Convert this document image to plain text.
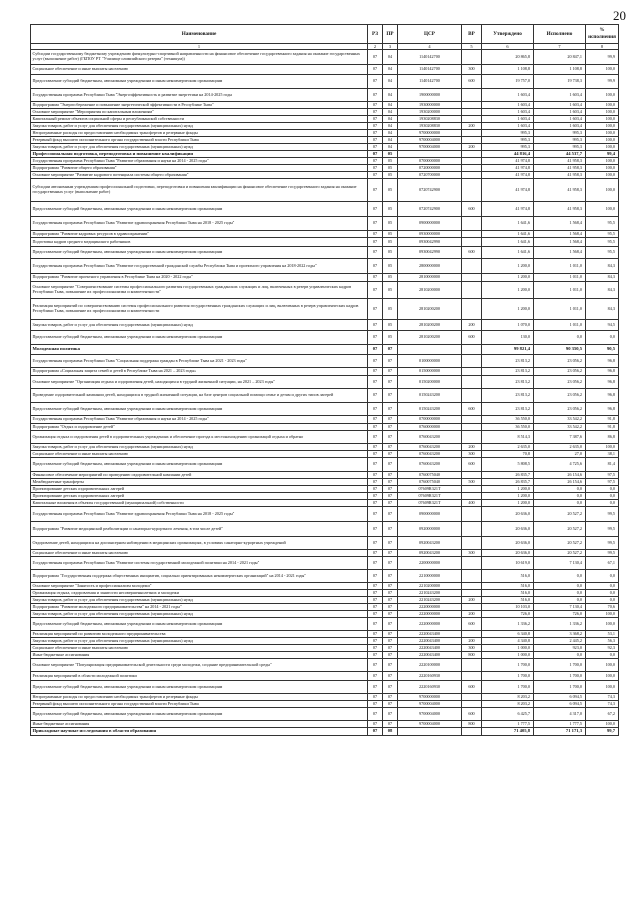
20
Наименование	РЗ	ПР	ЦСР	ВР	Утверждено	Исполнено	% исполнения
1	2	3	4	5	6	7	8
Субсидии государственному бюджетному учреждению физкультурно-спортивной направленности на финансовое обеспечение государственного задания на оказание государственных услуг (выполнение работ) (ГБПОУ РТ "Училище олимпийского резерва" (техникум))	07	04	1140142700		20 865,8	20 847,1	99,9
Социальное обеспечение и иные выплаты населению	07	04	1140142700	300	1 108,8	1 108,8	100,0
Предоставление субсидий бюджетным, автономным учреждениям и иным некоммерческим организациям	07	04	1140142700	600	19 757,0	19 738,3	99,9
Государственная программа Республики Тыва "Энергоэффективность и развитие энергетики на 2014-2025 годы	07	04	1900000000		1 603,4	1 603,4	100,0
Подпрограмма "Энергосбережение и повышение энергетической эффективности в Республике Тыва"	07	04	1930000000		1 603,4	1 603,4	100,0
Основное мероприятие "Мероприятия по капитальным вложениям"	07	04	1930200000		1 603,4	1 603,4	100,0
Капитальный ремонт объектов социальной сферы и республиканской собственности	07	04	1930208830		1 603,4	1 603,4	100,0
Закупка товаров, работ и услуг для обеспечения государственных (муниципальных) нужд	07	04	1930208830	200	1 603,4	1 603,4	100,0
Непрограммные расходы по предоставлению необходимых трансфертов и резервные фонды	07	04	9700000000		995,3	995,3	100,0
Резервный фонд высшего исполнительного органа государственной власти Республики Тыва	07	04	9700004000		995,3	995,3	100,0
Закупка товаров, работ и услуг для обеспечения государственных (муниципальных) нужд	07	04	9700004000	200	995,3	995,3	100,0
Профессиональная подготовка, переподготовка и повышение квалификации	07	05			44 816,4	44 537,7	99,4
Государственная программа Республики Тыва "Развитие образования и науки на 2014 - 2025 годы"	07	05	0700000000		41 974,8	41 958,3	100,0
Подпрограмма "Развитие общего образования"	07	05	0720000000		41 974,8	41 958,3	100,0
Основное мероприятие "Развитие кадрового потенциала системы общего образования"	07	05	0720700000		41 974,8	41 958,3	100,0
Субсидии автономным учреждениям профессиональной подготовки, переподготовки и повышения квалификации на финансовое обеспечение государственного задания на оказание государственных услуг (выполнение работ)	07	05	0720742900		41 974,8	41 958,3	100,0
Предоставление субсидий бюджетным, автономным учреждениям и иным некоммерческим организациям	07	05	0720742900	600	41 974,8	41 958,3	100,0
Государственная программа Республики Тыва "Развитие здравоохранения Республики Тыва на 2018 - 2025 годы"	07	05	0900000000		1 641,6	1 568,4	95,5
Подпрограмма "Развитие кадровых ресурсов в здравоохранении"	07	05	0930000000		1 641,6	1 568,4	95,5
Подготовка кадров среднего медицинского работников	07	05	0930042990		1 641,6	1 568,4	95,5
Предоставление субсидий бюджетным, автономным учреждениям и иным некоммерческим организациям	07	05	0930042990	600	1 641,6	1 568,4	95,5
Государственная программа Республики Тыва "Развитие государственной гражданской службы Республики Тыва и проектного управления на 2018-2022 годы"	07	05	2800000000		1 200,0	1 011,0	84,3
Подпрограмма "Развитие проектного управления в Республике Тыва на 2020 - 2022 годы"	07	05	2810000000		1 200,0	1 011,0	84,3
Основное мероприятие "Совершенствование системы профессионального развития государственных гражданских служащих и лиц, включенных в резерв управленческих кадров Республики Тыва, повышение их профессионализма и компетентности"	07	05	2810200000		1 200,0	1 011,0	84,3
Реализация мероприятий по совершенствованию системы профессионального развития государственных гражданских служащих и лиц, включенных в резерв управленческих кадров Республики Тыва, повышение их профессионализма и компетентности	07	05	2810200200		1 200,0	1 011,0	84,3
Закупка товаров, работ и услуг для обеспечения государственных (муниципальных) нужд	07	05	2810200200	200	1 070,0	1 011,0	94,5
Предоставление субсидий бюджетным, автономным учреждениям и иным некоммерческим организациям	07	05	2810200200	600	130,0	0,0	0,0
Молодежная политика	07	07			99 821,4	90 350,5	90,5
Государственная программа Республики Тыва "Социальная поддержка граждан в Республике Тыва на 2021 - 2023 годы"	07	07	0100000000		23 813,2	23 056,2	96,8
Подпрограмма «Социальная защита семей и детей в Республике Тыва на 2021 – 2023 годы»	07	07	0150000000		23 813,2	23 056,2	96,8
Основное мероприятие "Организация отдыха и оздоровления детей, находящихся в трудной жизненной ситуации, на 2021 – 2023 годы"	07	07	0150200000		23 813,2	23 056,2	96,8
Проведение оздоровительной кампании детей, находящихся в трудной жизненной ситуации, на базе центров социальной помощи семье и детям и других типов лагерей	07	07	0150243200		23 813,2	23 056,2	96,8
Предоставление субсидий бюджетным, автономным учреждениям и иным некоммерческим организациям	07	07	0150243200	600	23 813,2	23 056,2	96,8
Государственная программа Республики Тыва "Развитие образования и науки на 2014 - 2025 годы"	07	07	0700000000		36 550,0	33 542,2	91,8
Подпрограмма "Отдых и оздоровление детей"	07	07	0760000000		36 550,0	33 542,2	91,8
Организация отдыха и оздоровления детей в оздоровительных учреждениях и обеспечение проезда к местонахождению организаций отдыха и обратно	07	07	0760043200		8 514,3	7 387,6	86,8
Закупка товаров, работ и услуг для обеспечения государственных (муниципальных) нужд	07	07	0760043200	200	2 635,0	2 635,0	100,0
Социальное обеспечение и иные выплаты населению	07	07	0760043200	300	70,8	27,0	38,1
Предоставление субсидий бюджетным, автономным учреждениям и иным некоммерческим организациям	07	07	0760043200	600	5 808,5	4 725,6	81,4
Финансовое обеспечение мероприятий по проведению оздоровительной кампании детей	07	07	0760075040		26 835,7	26 154,6	97,5
Межбюджетные трансферты	07	07	0760075040	500	26 835,7	26 154,6	97,5
Проектирование детских оздоровительных лагерей	07	07	07609R321T		1 200,0	0,0	0,0
Проектирование детских оздоровительных лагерей	07	07	07609R321T		1 200,0	0,0	0,0
Капитальные вложения в объекты государственной (муниципальной) собственности	07	07	07609R321T	400	1 200,0	0,0	0,0
Государственная программа Республики Тыва "Развитие здравоохранения Республики Тыва на 2018 - 2025 годы"	07	07	0900000000		20 636,0	20 527,2	99,5
Подпрограмма "Развитие медицинской реабилитации и санаторно-курортного лечения, в том числе детей"	07	07	0920000000		20 636,0	20 527,2	99,5
Оздоровление детей, находящихся на диспансерном наблюдении в медицинских организациях, в условиях санаторно-курортных учреждений	07	07	0920043200		20 636,0	20 527,2	99,5
Социальное обеспечение и иные выплаты населению	07	07	0920043200	300	20 636,0	20 527,2	99,5
Государственная программа Республики Тыва "Развитие системы государственной молодежной политики на 2014 - 2021 годы"	07	07	2200000000		10 619,0	7 130,4	67,1
Подпрограмма "Государственная поддержка общественных инициатив, социально ориентированных некоммерческих организаций" на 2014 - 2021 годы"	07	07	2210000000		516,0	0,0	0,0
Основное мероприятие "Занятость и профессионализм молодежи"	07	07	2210200000		516,0	0,0	0,0
Организация отдыха, оздоровления и занятости несовершеннолетних и молодежи	07	07	2210243200		516,0	0,0	0,0
Закупка товаров, работ и услуг для обеспечения государственных (муниципальных) нужд	07	07	2210243200	200	516,0	0,0	0,0
Подпрограмма "Развитие молодежного предпринимательства" на 2014 - 2021 годы"	07	07	2220000000		10 103,0	7 130,4	70,6
Закупка товаров, работ и услуг для обеспечения государственных (муниципальных) нужд	07	07	2220000000	200	726,0	726,0	100,0
Предоставление субсидий бюджетным, автономным учреждениям и иным некоммерческим организациям	07	07	2220000000	600	1 336,2	1 336,2	100,0
Реализация мероприятий по развитию молодежного предпринимательства	07	07	2220043400		6 340,8	3 368,2	53,1
Закупка товаров, работ и услуг для обеспечения государственных (муниципальных) нужд	07	07	2220043400	200	4 340,8	2 445,2	56,3
Социальное обеспечение и иные выплаты населению	07	07	2220043400	300	1 000,0	923,0	92,3
Иные бюджетные ассигнования	07	07	2220043400	800	1 000,0	0,0	0,0
Основное мероприятие "Популяризация предпринимательской деятельности среди молодежи, создание предпринимательской среды"	07	07	2220100000		1 700,0	1 700,0	100,0
Реализация мероприятий в области молодежной политики	07	07	2220160930		1 700,0	1 700,0	100,0
Предоставление субсидий бюджетным, автономным учреждениям и иным некоммерческим организациям	07	07	2220160930	600	1 700,0	1 700,0	100,0
Непрограммные расходы по предоставлению необходимых трансфертов и резервные фонды	07	07	9700000000		8 203,2	6 094,5	74,3
Резервный фонд высшего исполнительного органа государственной власти Республики Тыва	07	07	9700004000		8 203,2	6 094,5	74,3
Предоставление субсидий бюджетным, автономным учреждениям и иным некоммерческим организациям	07	07	9700004000	600	6 425,7	4 317,0	67,2
Иные бюджетные ассигнования	07	07	9700004000	800	1 777,5	1 777,5	100,0
Прикладные научные исследования в области образования	07	08			71 405,8	71 171,3	99,7
